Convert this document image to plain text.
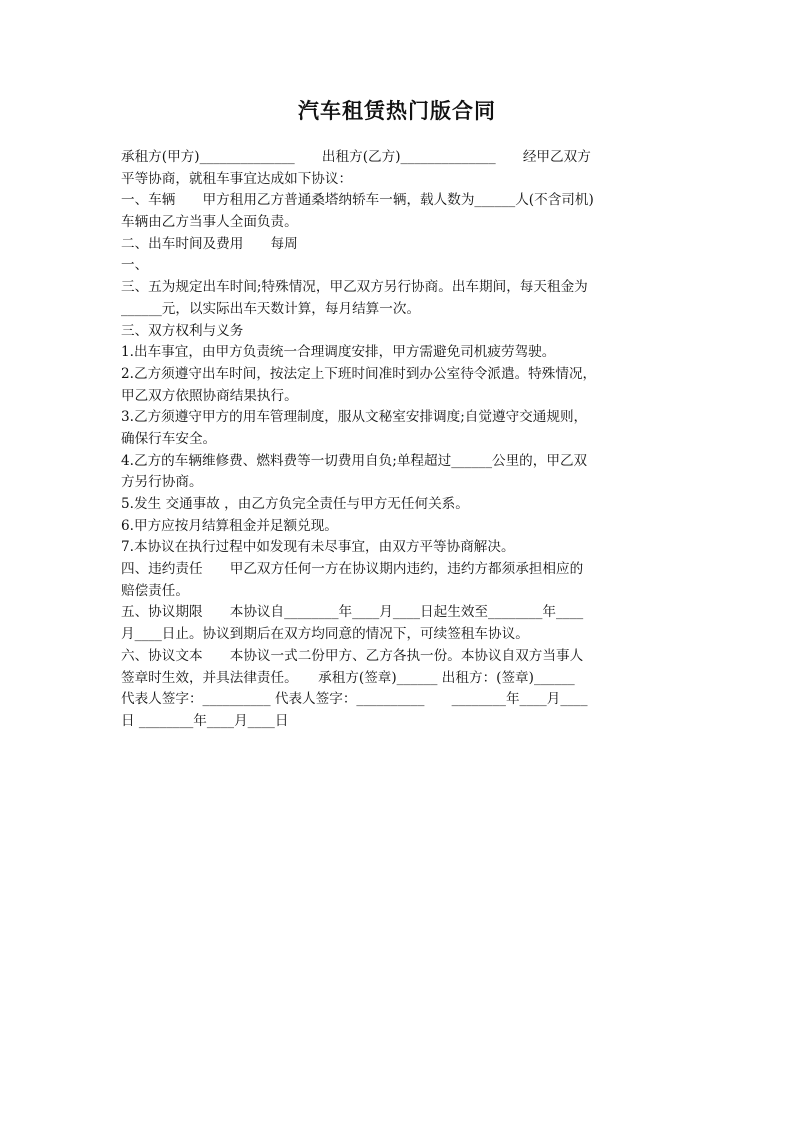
汽车租赁热门版合同
承租方(甲方)______________　　出租方(乙方)______________　　经甲乙双方
平等协商，就租车事宜达成如下协议：
一、车辆　　甲方租用乙方普通桑塔纳轿车一辆，载人数为______人(不含司机)
车辆由乙方当事人全面负责。
二、出车时间及费用　　每周
一、
三、五为规定出车时间;特殊情况，甲乙双方另行协商。出车期间，每天租金为
______元，以实际出车天数计算，每月结算一次。
三、双方权利与义务
1.出车事宜，由甲方负责统一合理调度安排，甲方需避免司机疲劳驾驶。
2.乙方须遵守出车时间，按法定上下班时间准时到办公室待令派遣。特殊情况，
甲乙双方依照协商结果执行。
3.乙方须遵守甲方的用车管理制度，服从文秘室安排调度;自觉遵守交通规则，
确保行车安全。
4.乙方的车辆维修费、燃料费等一切费用自负;单程超过______公里的，甲乙双
方另行协商。
5.发生 交通事故 ，由乙方负完全责任与甲方无任何关系。
6.甲方应按月结算租金并足额兑现。
7.本协议在执行过程中如发现有未尽事宜，由双方平等协商解决。
四、违约责任　　甲乙双方任何一方在协议期内违约，违约方都须承担相应的
赔偿责任。
五、协议期限　　本协议自________年____月____日起生效至________年____
月____日止。协议到期后在双方均同意的情况下，可续签租车协议。
六、协议文本　　本协议一式二份甲方、乙方各执一份。本协议自双方当事人
签章时生效，并具法律责任。　　承租方(签章)______ 出租方：(签章)______
代表人签字：__________ 代表人签字：__________　　________年____月____
日 ________年____月____日
